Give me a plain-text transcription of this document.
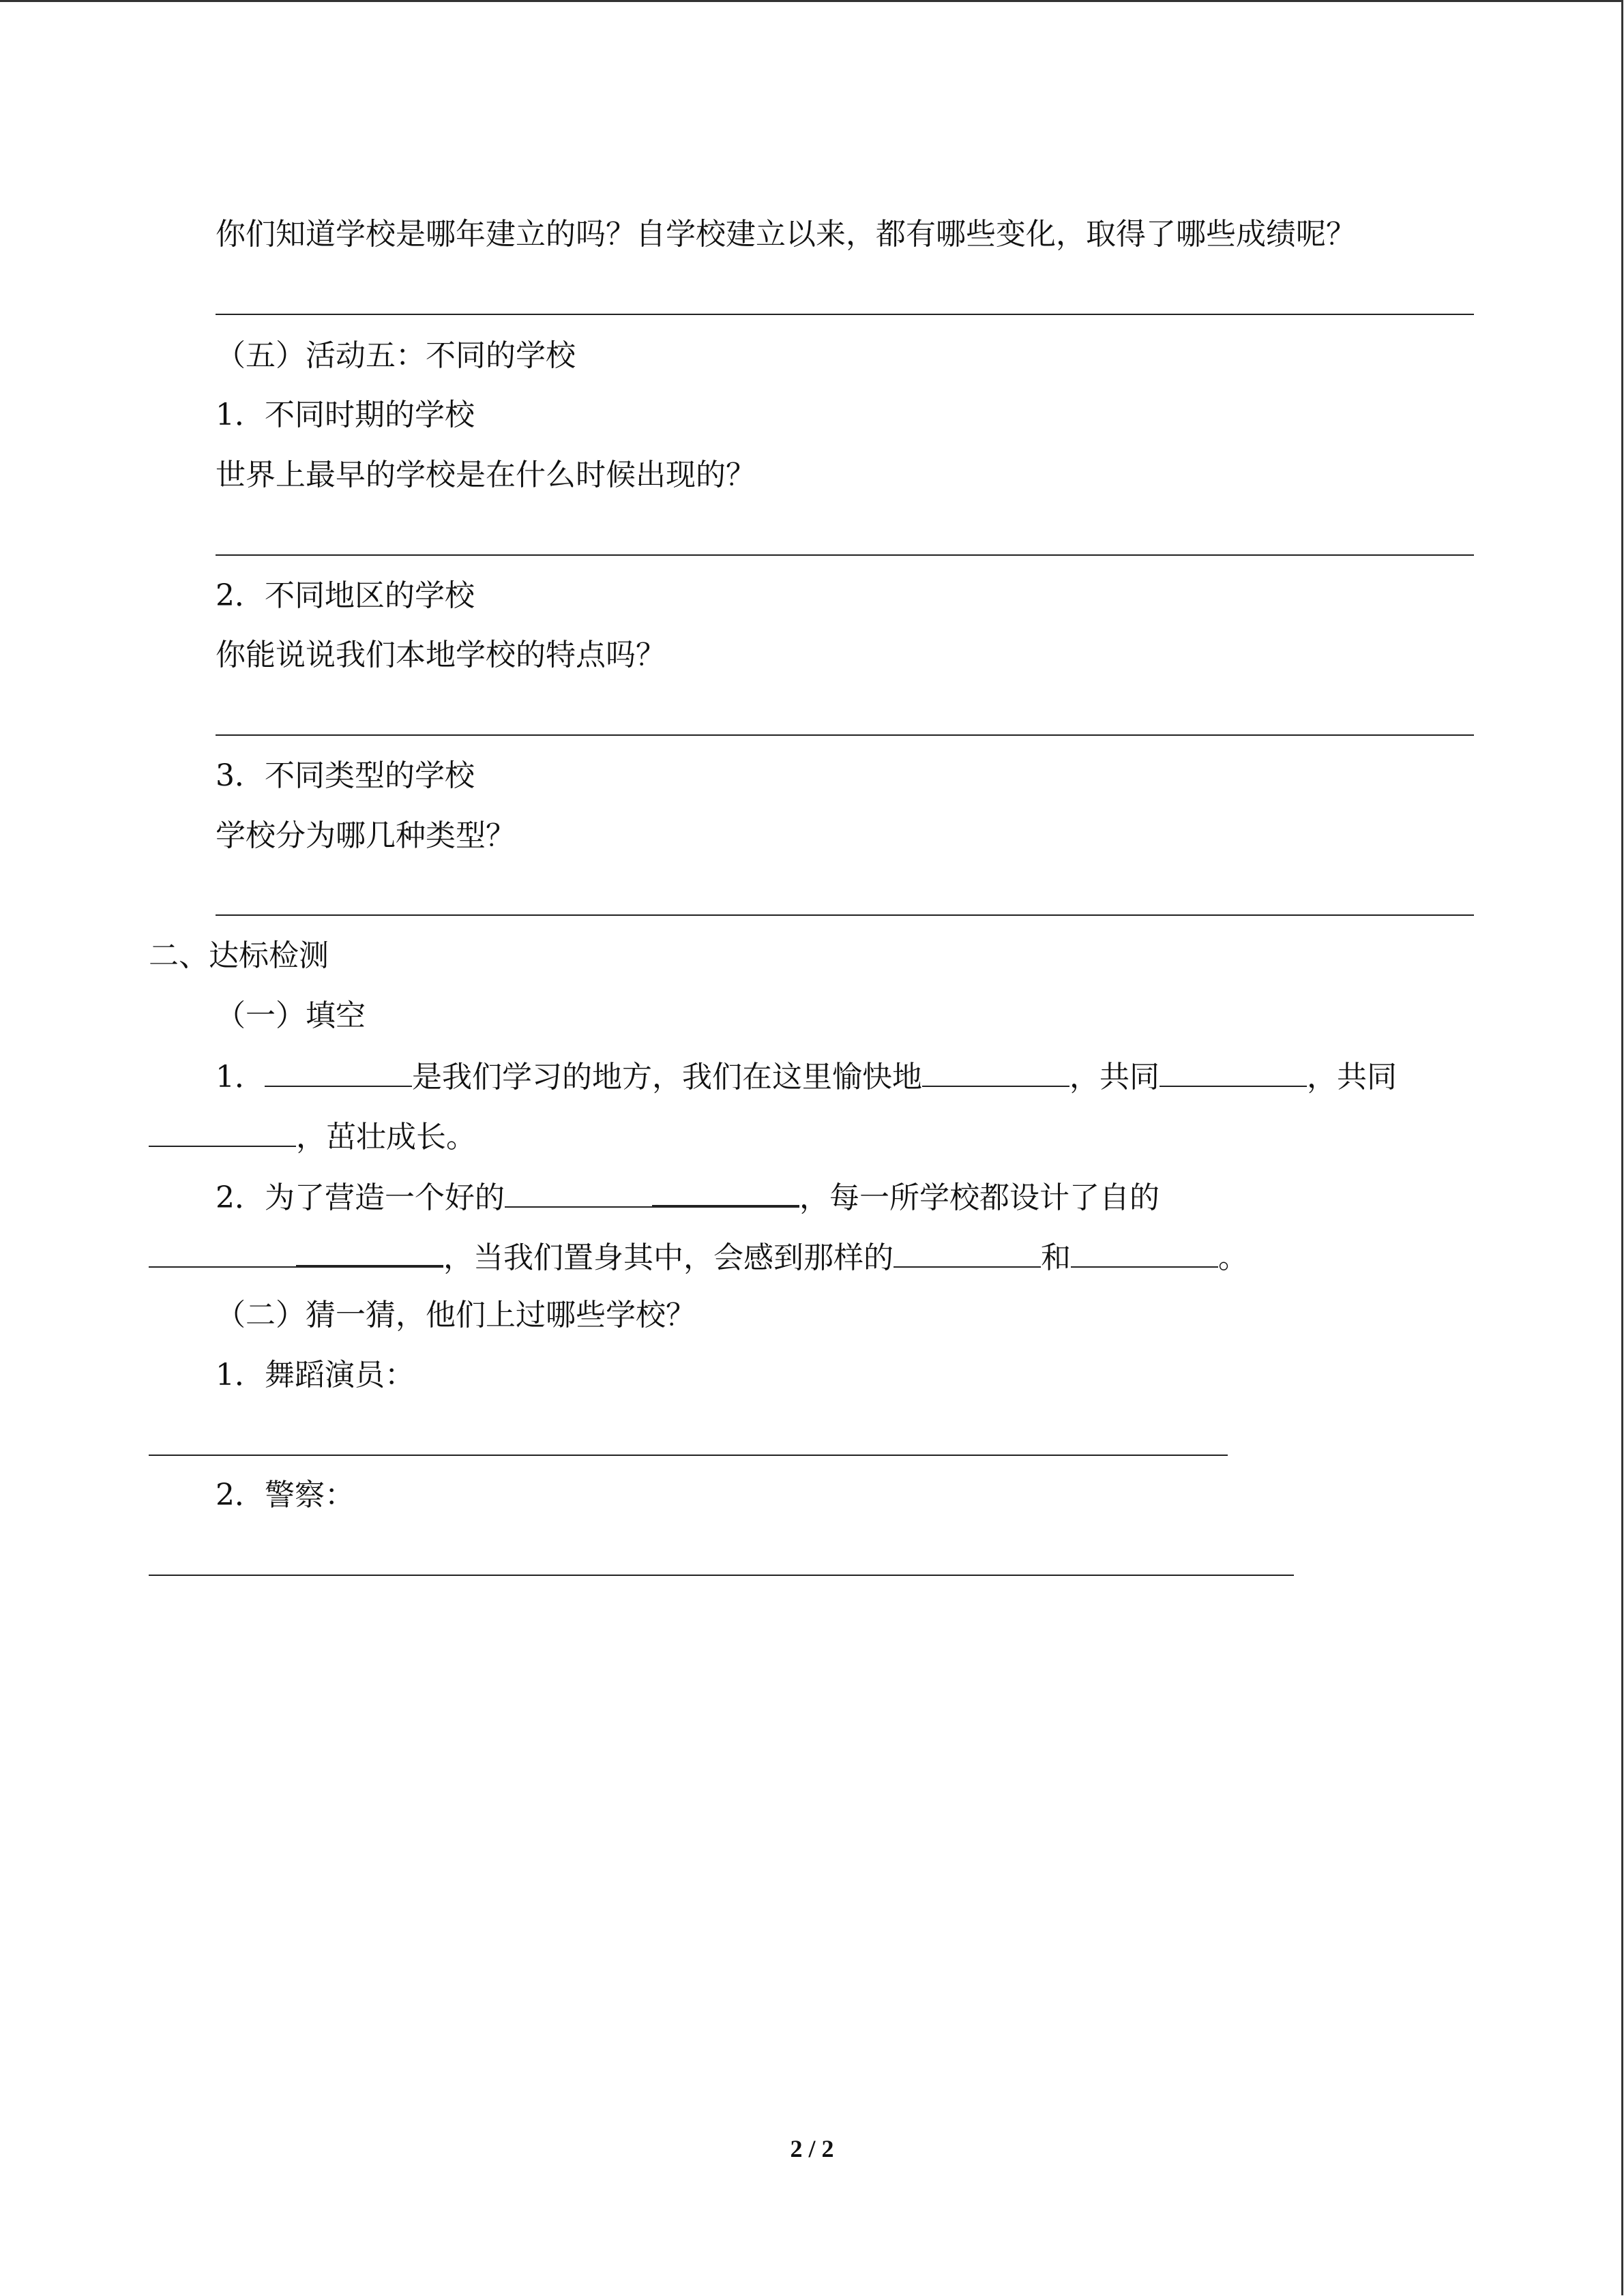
你们知道学校是哪年建立的吗？自学校建立以来，都有哪些变化，取得了哪些成绩呢？
（五）活动五：不同的学校
1．不同时期的学校
世界上最早的学校是在什么时候出现的？
2．不同地区的学校
你能说说我们本地学校的特点吗？
3．不同类型的学校
学校分为哪几种类型？
二、达标检测
（一）填空
1．	是我们学习的地方，我们在这里愉快地	，共同	，共同
，茁壮成长。
2．为了营造一个好的	，每一所学校都设计了自的
，当我们置身其中，会感到那样的	和	。
（二）猜一猜，他们上过哪些学校？
1．舞蹈演员：
2．警察：
2 / 2
